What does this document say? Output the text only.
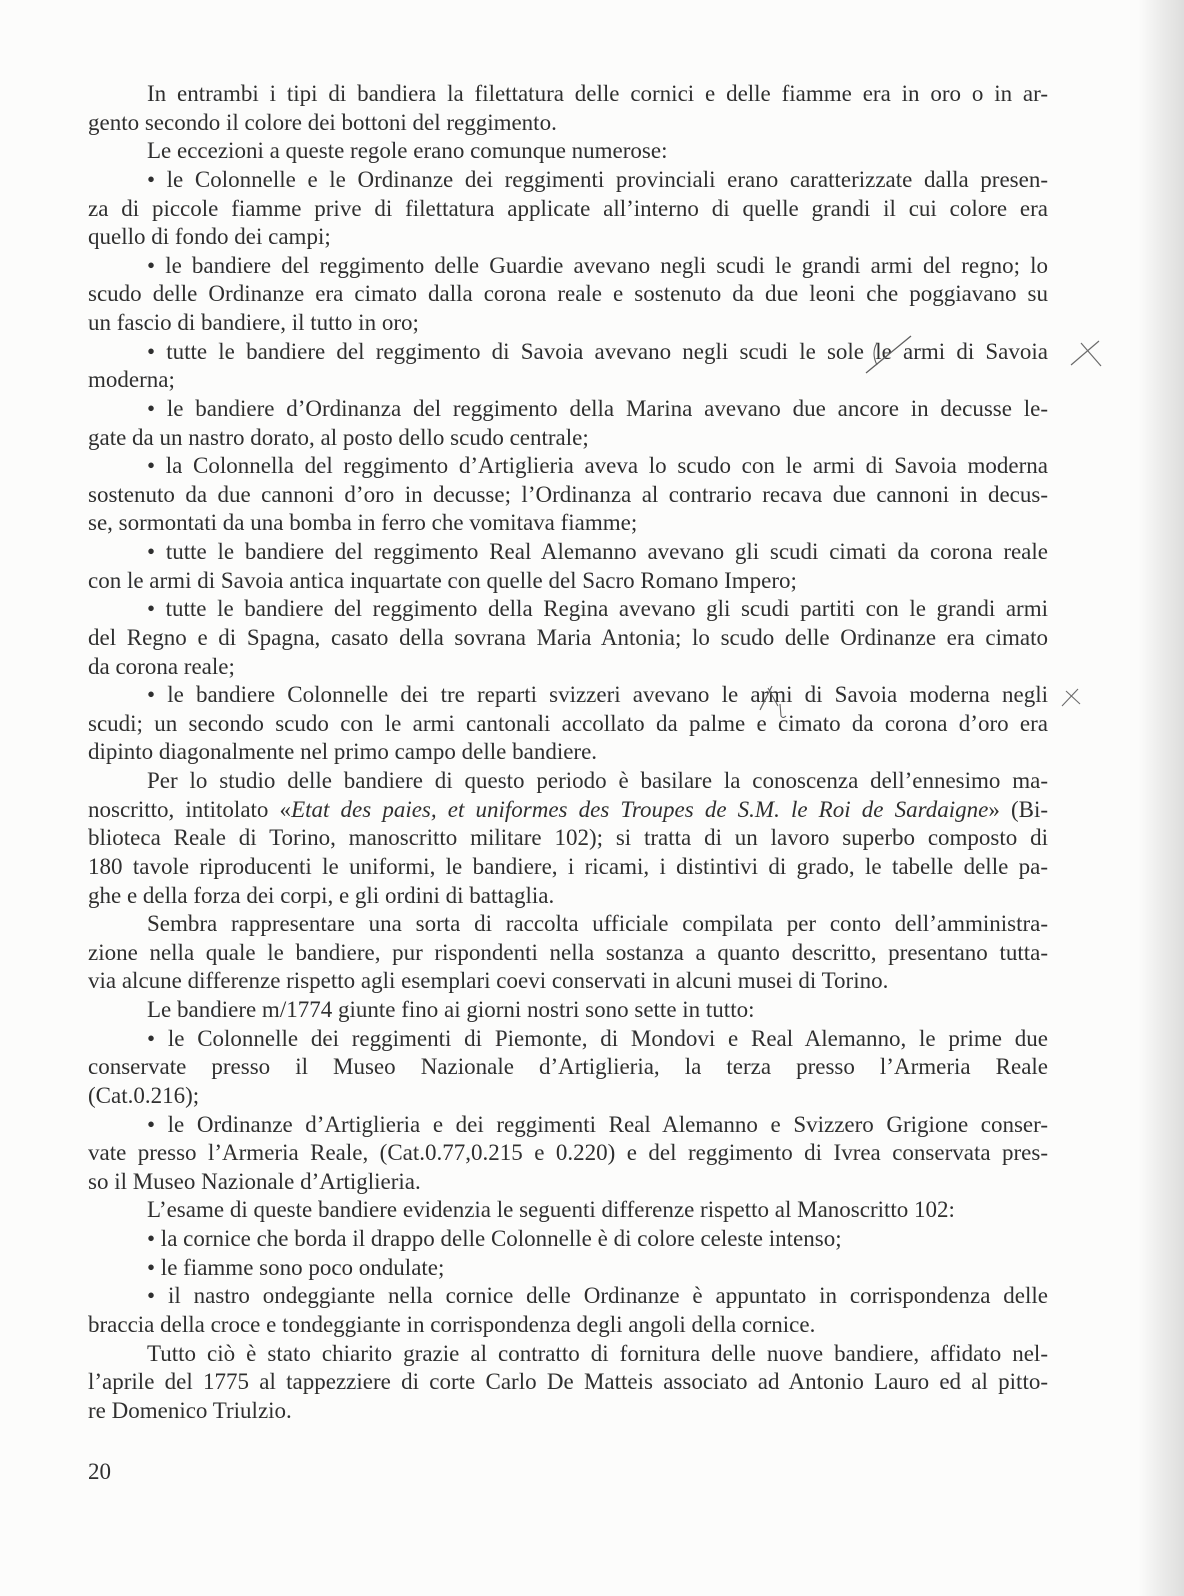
In entrambi i tipi di bandiera la filettatura delle cornici e delle fiamme era in oro o in ar-
gento secondo il colore dei bottoni del reggimento.
Le eccezioni a queste regole erano comunque numerose:
• le Colonnelle e le Ordinanze dei reggimenti provinciali erano caratterizzate dalla presen-
za di piccole fiamme prive di filettatura applicate all’interno di quelle grandi il cui colore era
quello di fondo dei campi;
• le bandiere del reggimento delle Guardie avevano negli scudi le grandi armi del regno; lo
scudo delle Ordinanze era cimato dalla corona reale e sostenuto da due leoni che poggiavano su
un fascio di bandiere, il tutto in oro;
• tutte le bandiere del reggimento di Savoia avevano negli scudi le sole le
armi di Savoia
moderna;
• le bandiere d’Ordinanza del reggimento della Marina avevano due ancore in decusse le-
gate da un nastro dorato, al posto dello scudo centrale;
• la Colonnella del reggimento d’Artiglieria aveva lo scudo con le armi di Savoia moderna
sostenuto da due cannoni d’oro in decusse; l’Ordinanza al contrario recava due cannoni in decus-
se, sormontati da una bomba in ferro che vomitava fiamme;
• tutte le bandiere del reggimento Real Alemanno avevano gli scudi cimati da corona reale
con le armi di Savoia antica inquartate con quelle del Sacro Romano Impero;
• tutte le bandiere del reggimento della Regina avevano gli scudi partiti con le grandi armi
del Regno e di Spagna, casato della sovrana Maria Antonia; lo scudo delle Ordinanze era cimato
da corona reale;
• le bandiere Colonnelle dei tre reparti svizzeri avevano le armi
di Savoia moderna negli
scudi; un secondo scudo con le armi cantonali accollato da palme e cimato da corona d’oro era
dipinto diagonalmente nel primo campo delle bandiere.
Per lo studio delle bandiere di questo periodo è basilare la conoscenza dell’ennesimo ma-
noscritto, intitolato «Etat des paies, et uniformes des Troupes de S.M. le Roi de Sardaigne» (Bi-
blioteca Reale di Torino, manoscritto militare 102); si tratta di un lavoro superbo composto di
180 tavole riproducenti le uniformi, le bandiere, i ricami, i distintivi di grado, le tabelle delle pa-
ghe e della forza dei corpi, e gli ordini di battaglia.
Sembra rappresentare una sorta di raccolta ufficiale compilata per conto dell’amministra-
zione nella quale le bandiere, pur rispondenti nella sostanza a quanto descritto, presentano tutta-
via alcune differenze rispetto agli esemplari coevi conservati in alcuni musei di Torino.
Le bandiere m/1774 giunte fino ai giorni nostri sono sette in tutto:
• le Colonnelle dei reggimenti di Piemonte, di Mondovi e Real Alemanno, le prime due
conservate presso il Museo Nazionale d’Artiglieria, la terza presso l’Armeria Reale
(Cat.0.216);
• le Ordinanze d’Artiglieria e dei reggimenti Real Alemanno e Svizzero Grigione conser-
vate presso l’Armeria Reale, (Cat.0.77,0.215 e 0.220) e del reggimento di Ivrea conservata pres-
so il Museo Nazionale d’Artiglieria.
L’esame di queste bandiere evidenzia le seguenti differenze rispetto al Manoscritto 102:
• la cornice che borda il drappo delle Colonnelle è di colore celeste intenso;
• le fiamme sono poco ondulate;
• il nastro ondeggiante nella cornice delle Ordinanze è appuntato in corrispondenza delle
braccia della croce e tondeggiante in corrispondenza degli angoli della cornice.
Tutto ciò è stato chiarito grazie al contratto di fornitura delle nuove bandiere, affidato nel-
l’aprile del 1775 al tappezziere di corte Carlo De Matteis associato ad Antonio Lauro ed al pitto-
re Domenico Triulzio.
20
